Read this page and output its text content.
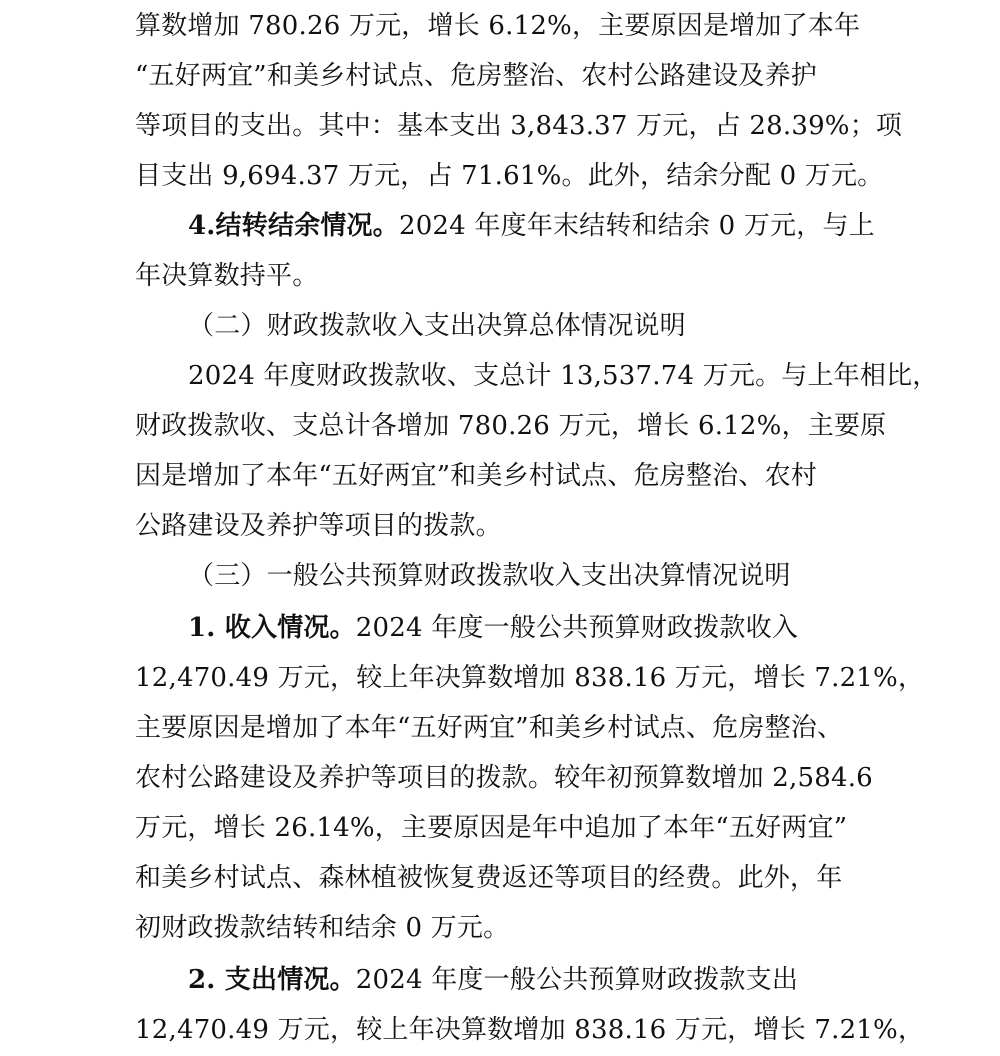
算数增加 780.26 万元，增长 6.12%，主要原因是增加了本年
“五好两宜”和美乡村试点、危房整治、农村公路建设及养护
等项目的支出。其中：基本支出 3,843.37 万元，占 28.39%；项
目支出 9,694.37 万元，占 71.61%。此外，结余分配 0 万元。
4.结转结余情况。2024 年度年末结转和结余 0 万元，与上
年决算数持平。
（二）财政拨款收入支出决算总体情况说明
2024 年度财政拨款收、支总计 13,537.74 万元。与上年相比，
财政拨款收、支总计各增加 780.26 万元，增长 6.12%，主要原
因是增加了本年“五好两宜”和美乡村试点、危房整治、农村
公路建设及养护等项目的拨款。
（三）一般公共预算财政拨款收入支出决算情况说明
1. 收入情况。2024 年度一般公共预算财政拨款收入
12,470.49 万元，较上年决算数增加 838.16 万元，增长 7.21%，
主要原因是增加了本年“五好两宜”和美乡村试点、危房整治、
农村公路建设及养护等项目的拨款。较年初预算数增加 2,584.6
万元，增长 26.14%，主要原因是年中追加了本年“五好两宜”
和美乡村试点、森林植被恢复费返还等项目的经费。此外，年
初财政拨款结转和结余 0 万元。
2. 支出情况。2024 年度一般公共预算财政拨款支出
12,470.49 万元，较上年决算数增加 838.16 万元，增长 7.21%，
